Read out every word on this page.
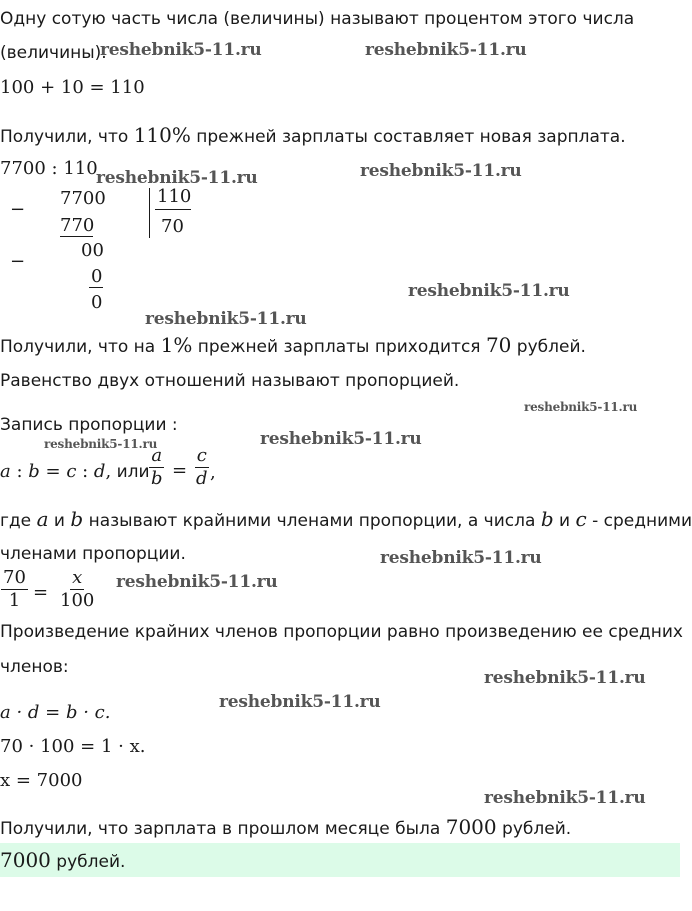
Одну сотую часть числа (величины) называют процентом этого числа
(величины).
100 + 10 = 110
Получили, что 110% прежней зарплаты составляет новая зарплата.
7700 : 110
−
7700	110
770	70
00
−
0
0
Получили, что на 1% прежней зарплаты приходится 70 рублей.
Равенство двух отношений называют пропорцией.
Запись пропорции :
a : b = c : d, или $\frac{a}{b} = \frac{c}{d}$ ,
где a и b называют крайними членами пропорции, а числа b и c - средними
членами пропорции.
$\frac{70}{1} = \frac{x}{100}$
Произведение крайних членов пропорции равно произведению ее средних
членов:
a · d = b · c.
70 · 100 = 1 · x.
x = 7000
Получили, что зарплата в прошлом месяце была 7000 рублей.
7000 рублей.
reshebnik5-11.ru	reshebnik5-11.ru
reshebnik5-11.ru	reshebnik5-11.ru
reshebnik5-11.ru
reshebnik5-11.ru
reshebnik5-11.ru
reshebnik5-11.ru	reshebnik5-11.ru
reshebnik5-11.ru
reshebnik5-11.ru
reshebnik5-11.ru
reshebnik5-11.ru
reshebnik5-11.ru
